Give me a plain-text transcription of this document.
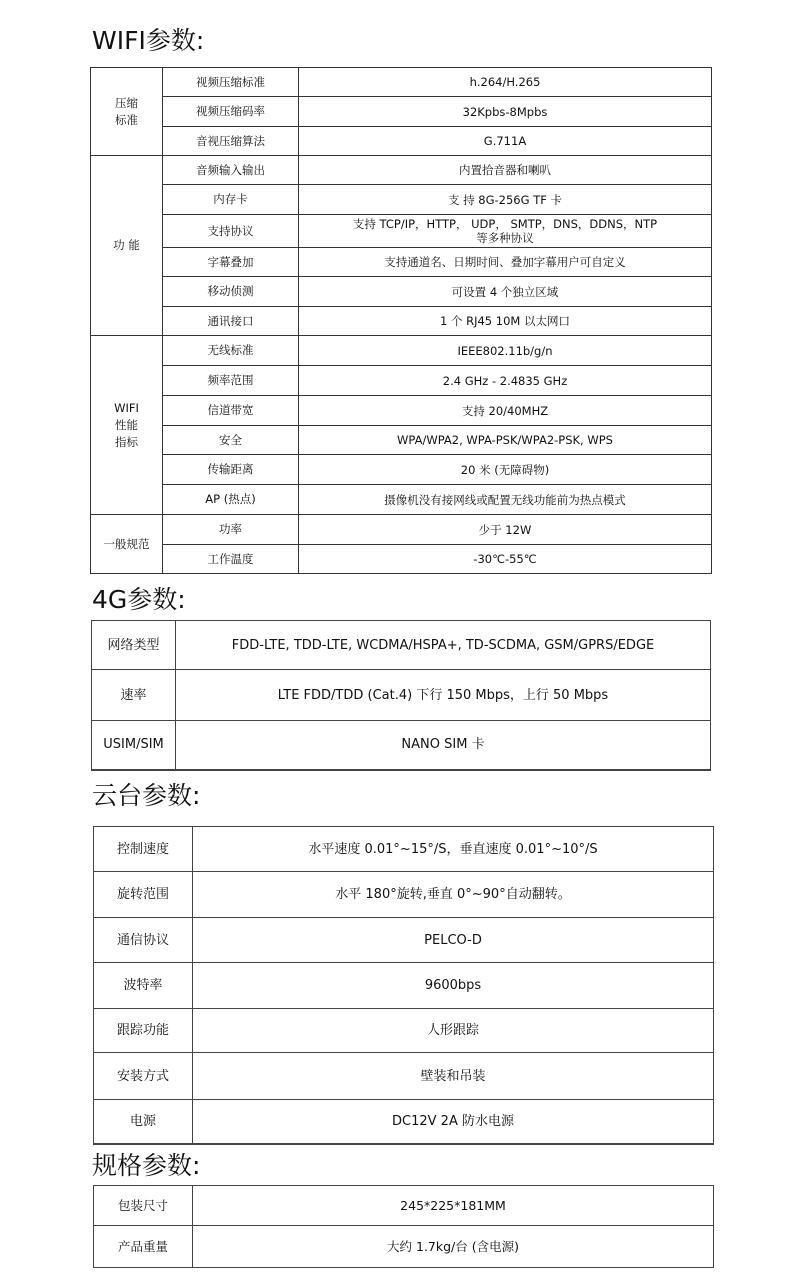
WIFI参数:
压缩
标准	视频压缩标准	h.264/H.265
	视频压缩码率	32Kpbs-8Mpbs
	音视压缩算法	G.711A
功 能	音频输入输出	内置拾音器和喇叭
	内存卡	支 持 8G-256G TF 卡
	支持协议	支持 TCP/IP，HTTP， UDP， SMTP，DNS，DDNS，NTP
等多种协议
	字幕叠加	支持通道名、日期时间、叠加字幕用户可自定义
	移动侦测	可设置 4 个独立区域
	通讯接口	1 个 RJ45 10M 以太网口
WIFI
性能
指标	无线标准	IEEE802.11b/g/n
	频率范围	2.4 GHz - 2.4835 GHz
	信道带宽	支持 20/40MHZ
	安全	WPA/WPA2, WPA-PSK/WPA2-PSK, WPS
	传输距离	20 米 (无障碍物)
	AP (热点)	摄像机没有接网线或配置无线功能前为热点模式
一般规范	功率	少于 12W
	工作温度	-30℃-55℃
4G参数:
网络类型	FDD-LTE, TDD-LTE, WCDMA/HSPA+, TD-SCDMA, GSM/GPRS/EDGE
速率	LTE FDD/TDD (Cat.4) 下行 150 Mbps，上行 50 Mbps
USIM/SIM	NANO SIM 卡
云台参数:
控制速度	水平速度 0.01°~15°/S，垂直速度 0.01°~10°/S
旋转范围	水平 180°旋转,垂直 0°~90°自动翻转。
通信协议	PELCO-D
波特率	9600bps
跟踪功能	人形跟踪
安装方式	壁装和吊装
电源	DC12V 2A 防水电源
规格参数:
包装尺寸	245*225*181MM
产品重量	大约 1.7kg/台 (含电源)
